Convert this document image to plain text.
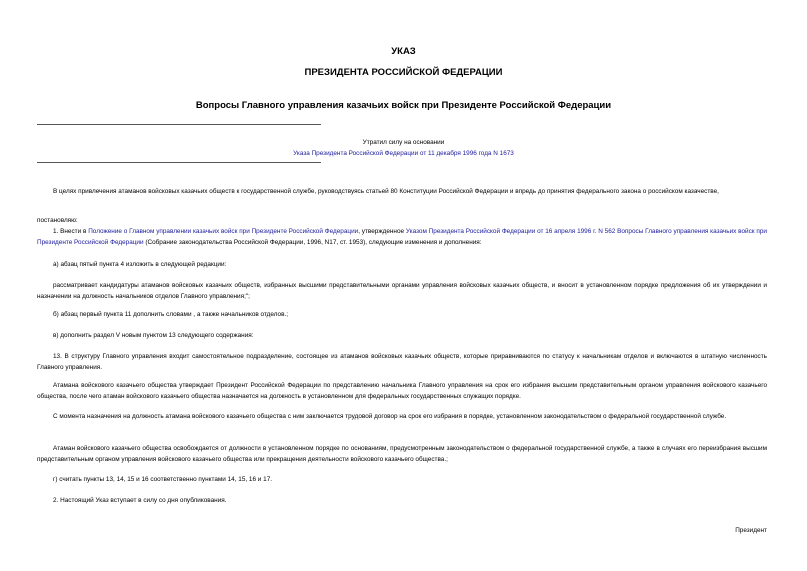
УКАЗ
ПРЕЗИДЕНТА РОССИЙСКОЙ ФЕДЕРАЦИИ
Вопросы Главного управления казачьих войск при Президенте Российской Федерации
Утратил силу на основании
Указа Президента Российской Федерации от 11 декабря 1996 года N 1673
В целях привлечения атаманов войсковых казачьих обществ к государственной службе, руководствуясь статьей 80 Конституции Российской Федерации и впредь до принятия федерального закона о российском казачестве,
постановляю:
1. Внести в Положение о Главном управлении казачьих войск при Президенте Российской Федерации, утвержденное Указом Президента Российской Федерации от 16 апреля 1996 г. N 562 Вопросы Главного управления казачьих войск при Президенте Российской Федерации (Собрание законодательства Российской Федерации, 1996, N17, ст. 1953), следующие изменения и дополнения:
а) абзац пятый пункта 4 изложить в следующей редакции:
рассматривает кандидатуры атаманов войсковых казачьих обществ, избранных высшими представительными органами управления войсковых казачьих обществ, и вносит в установленном порядке предложения об их утверждении и назначении на должность начальников отделов Главного управления;";
б) абзац первый пункта 11 дополнить словами , а также начальников отделов.;
в) дополнить раздел V новым пунктом 13 следующего содержания:
13. В структуру Главного управления входит самостоятельное подразделение, состоящее из атаманов войсковых казачьих обществ, которые приравниваются по статусу к начальникам отделов и включаются в штатную численность Главного управления.
Атамана войскового казачьего общества утверждает Президент Российской Федерации по представлению начальника Главного управления на срок его избрания высшим представительным органом управления войскового казачьего общества, после чего атаман войскового казачьего общества назначается на должность в установленном для федеральных государственных служащих порядке.
С момента назначения на должность атамана войскового казачьего общества с ним заключается трудовой договор на срок его избрания в порядке, установленном законодательством о федеральной государственной службе.
Атаман войскового казачьего общества освобождается от должности в установленном порядке по основаниям, предусмотренным законодательством о федеральной государственной службе, а также в случаях его переизбрания высшим представительным органом управления войскового казачьего общества или прекращения деятельности войскового казачьего общества.;
г) считать пункты 13, 14, 15 и 16 соответственно пунктами 14, 15, 16 и 17.
2. Настоящий Указ вступает в силу со дня опубликования.
Президент
